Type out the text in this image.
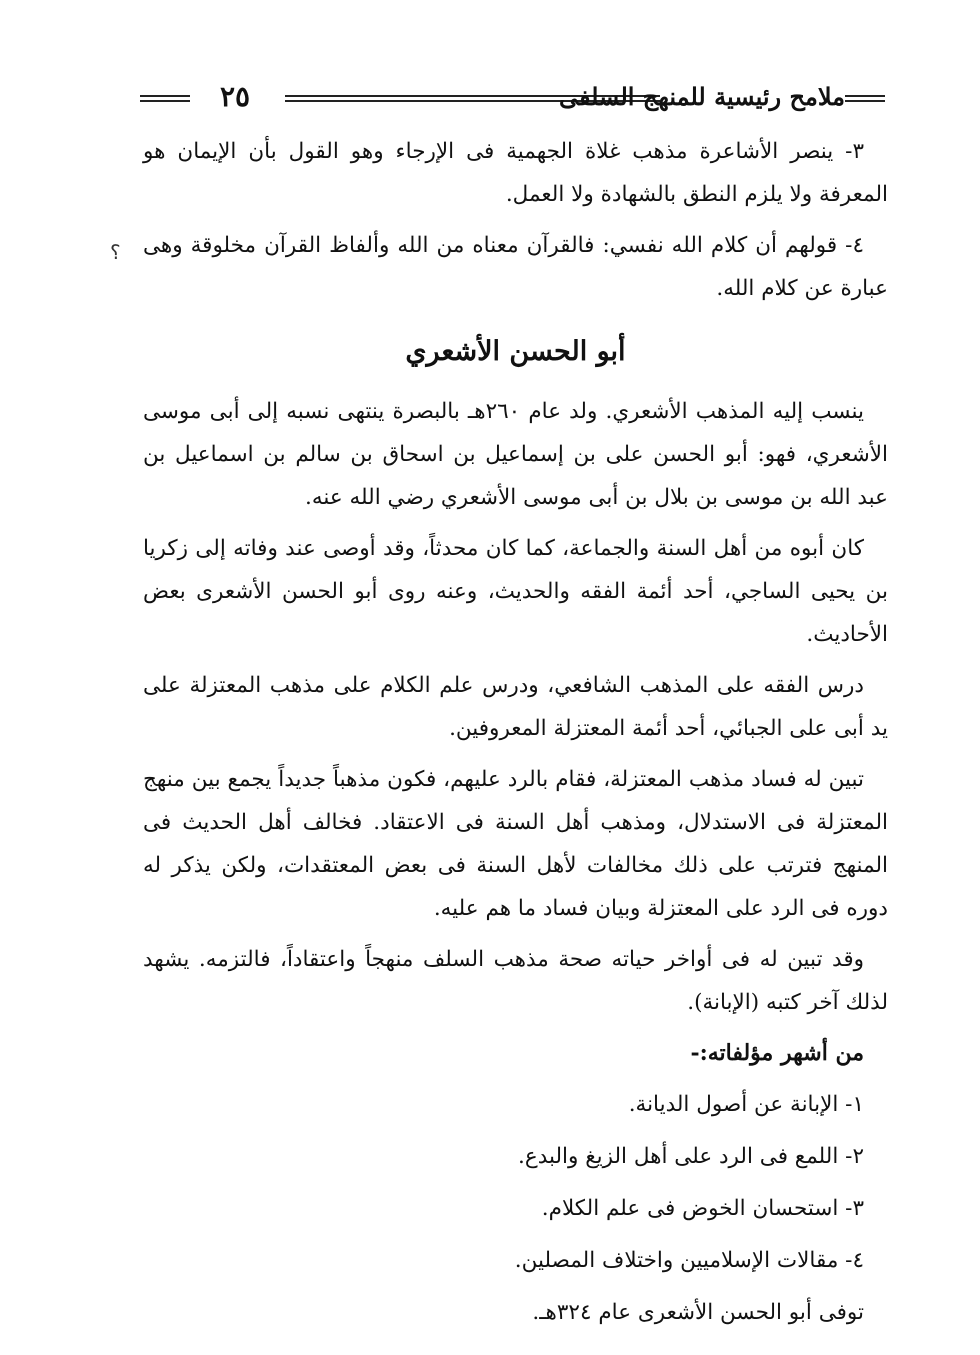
٢٥	ملامح رئيسية للمنهج السلفى
؟

٣- ينصر الأشاعرة مذهب غلاة الجهمية فى الإرجاء وهو القول بأن الإيمان هو المعرفة ولا يلزم النطق بالشهادة ولا العمل.

٤- قولهم أن كلام الله نفسي: فالقرآن معناه من الله وألفاظ القرآن مخلوقة وهى عبارة عن كلام الله.

أبو الحسن الأشعري

ينسب إليه المذهب الأشعري. ولد عام ٢٦٠هـ بالبصرة ينتهى نسبه إلى أبى موسى الأشعري، فهو: أبو الحسن على بن إسماعيل بن اسحاق بن سالم بن اسماعيل بن عبد الله بن موسى بن بلال بن أبى موسى الأشعري رضي الله عنه.

كان أبوه من أهل السنة والجماعة، كما كان محدثاً، وقد أوصى عند وفاته إلى زكريا بن يحيى الساجي، أحد أئمة الفقه والحديث، وعنه روى أبو الحسن الأشعرى بعض الأحاديث.

درس الفقه على المذهب الشافعي، ودرس علم الكلام على مذهب المعتزلة على يد أبى على الجبائي، أحد أئمة المعتزلة المعروفين.

تبين له فساد مذهب المعتزلة، فقام بالرد عليهم، فكون مذهباً جديداً يجمع بين منهج المعتزلة فى الاستدلال، ومذهب أهل السنة فى الاعتقاد. فخالف أهل الحديث فى المنهج فترتب على ذلك مخالفات لأهل السنة فى بعض المعتقدات، ولكن يذكر له دوره فى الرد على المعتزلة وبيان فساد ما هم عليه.

وقد تبين له فى أواخر حياته صحة مذهب السلف منهجاً واعتقاداً، فالتزمه. يشهد لذلك آخر كتبه (الإبانة).

من أشهر مؤلفاته:-
١- الإبانة عن أصول الديانة.
٢- اللمع فى الرد على أهل الزيغ والبدع.
٣- استحسان الخوض فى علم الكلام.
٤- مقالات الإسلاميين واختلاف المصلين.
توفى أبو الحسن الأشعرى عام ٣٢٤هـ.
